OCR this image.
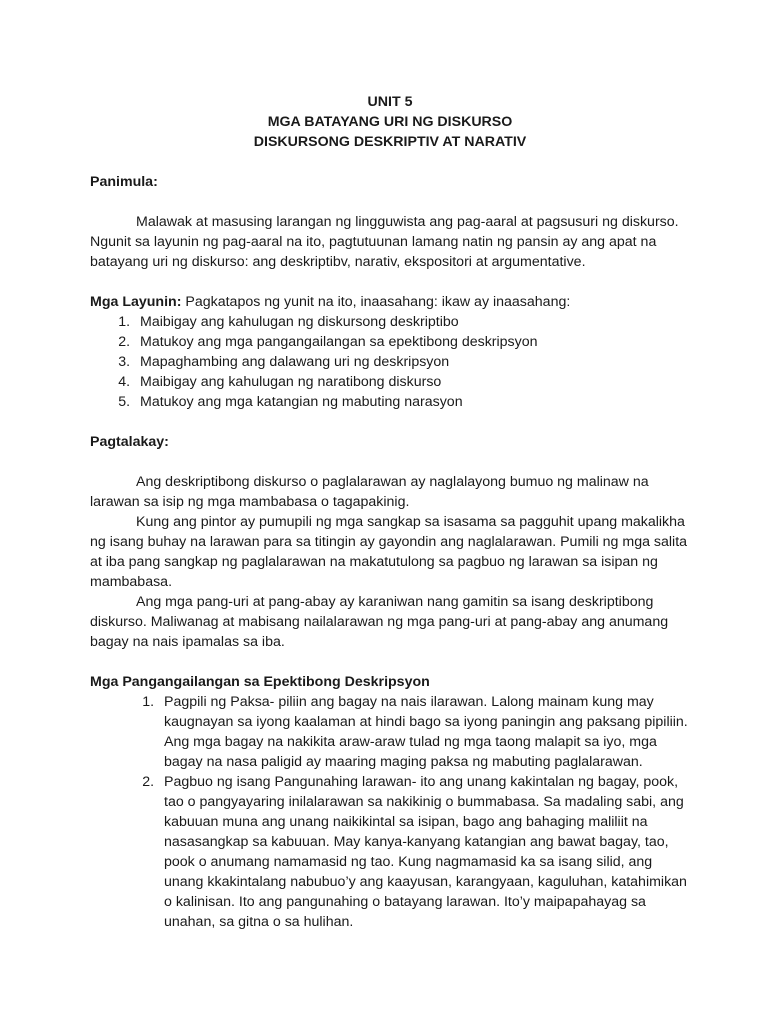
UNIT 5

MGA BATAYANG URI NG DISKURSO

DISKURSONG DESKRIPTIV AT NARATIV

Panimula:

Malawak at masusing larangan ng lingguwista ang pag-aaral at pagsusuri ng diskurso. Ngunit sa layunin ng pag-aaral na ito, pagtutuunan lamang natin ng pansin ay ang apat na batayang uri ng diskurso: ang deskriptibv, narativ, ekspositori at argumentative.

Mga Layunin: Pagkatapos ng yunit na ito, inaasahang: ikaw ay inaasahang:

1. Maibigay ang kahulugan ng diskursong deskriptibo
2. Matukoy ang mga pangangailangan sa epektibong deskripsyon
3. Mapaghambing ang dalawang uri ng deskripsyon
4. Maibigay ang kahulugan ng naratibong diskurso
5. Matukoy ang mga katangian ng mabuting narasyon

Pagtalakay:

Ang deskriptibong diskurso o paglalarawan ay naglalayong bumuo ng malinaw na larawan sa isip ng mga mambabasa o tagapakinig.

Kung ang pintor ay pumupili ng mga sangkap sa isasama sa pagguhit upang makalikha ng isang buhay na larawan para sa titingin ay gayondin ang naglalarawan. Pumili ng mga salita at iba pang sangkap ng paglalarawan na makatutulong sa pagbuo ng larawan sa isipan ng mambabasa.

Ang mga pang-uri at pang-abay ay karaniwan nang gamitin sa isang deskriptibong diskurso. Maliwanag at mabisang nailalarawan ng mga pang-uri at pang-abay ang anumang bagay na nais ipamalas sa iba.

Mga Pangangailangan sa Epektibong Deskripsyon

1. Pagpili ng Paksa- piliin ang bagay na nais ilarawan. Lalong mainam kung may kaugnayan sa iyong kaalaman at hindi bago sa iyong paningin ang paksang pipiliin. Ang mga bagay na nakikita araw-araw tulad ng mga taong malapit sa iyo, mga bagay na nasa paligid ay maaring maging paksa ng mabuting paglalarawan.
2. Pagbuo ng isang Pangunahing larawan- ito ang unang kakintalan ng bagay, pook, tao o pangyayaring inilalarawan sa nakikinig o bummabasa. Sa madaling sabi, ang kabuuan muna ang unang naikikintal sa isipan, bago ang bahaging maliliit na nasasangkap sa kabuuan. May kanya-kanyang katangian ang bawat bagay, tao, pook o anumang namamasid ng tao. Kung nagmamasid ka sa isang silid, ang unang kkakintalang nabubuo’y ang kaayusan, karangyaan, kaguluhan, katahimikan o kalinisan. Ito ang pangunahing o batayang larawan. Ito’y maipapahayag sa unahan, sa gitna o sa hulihan.
